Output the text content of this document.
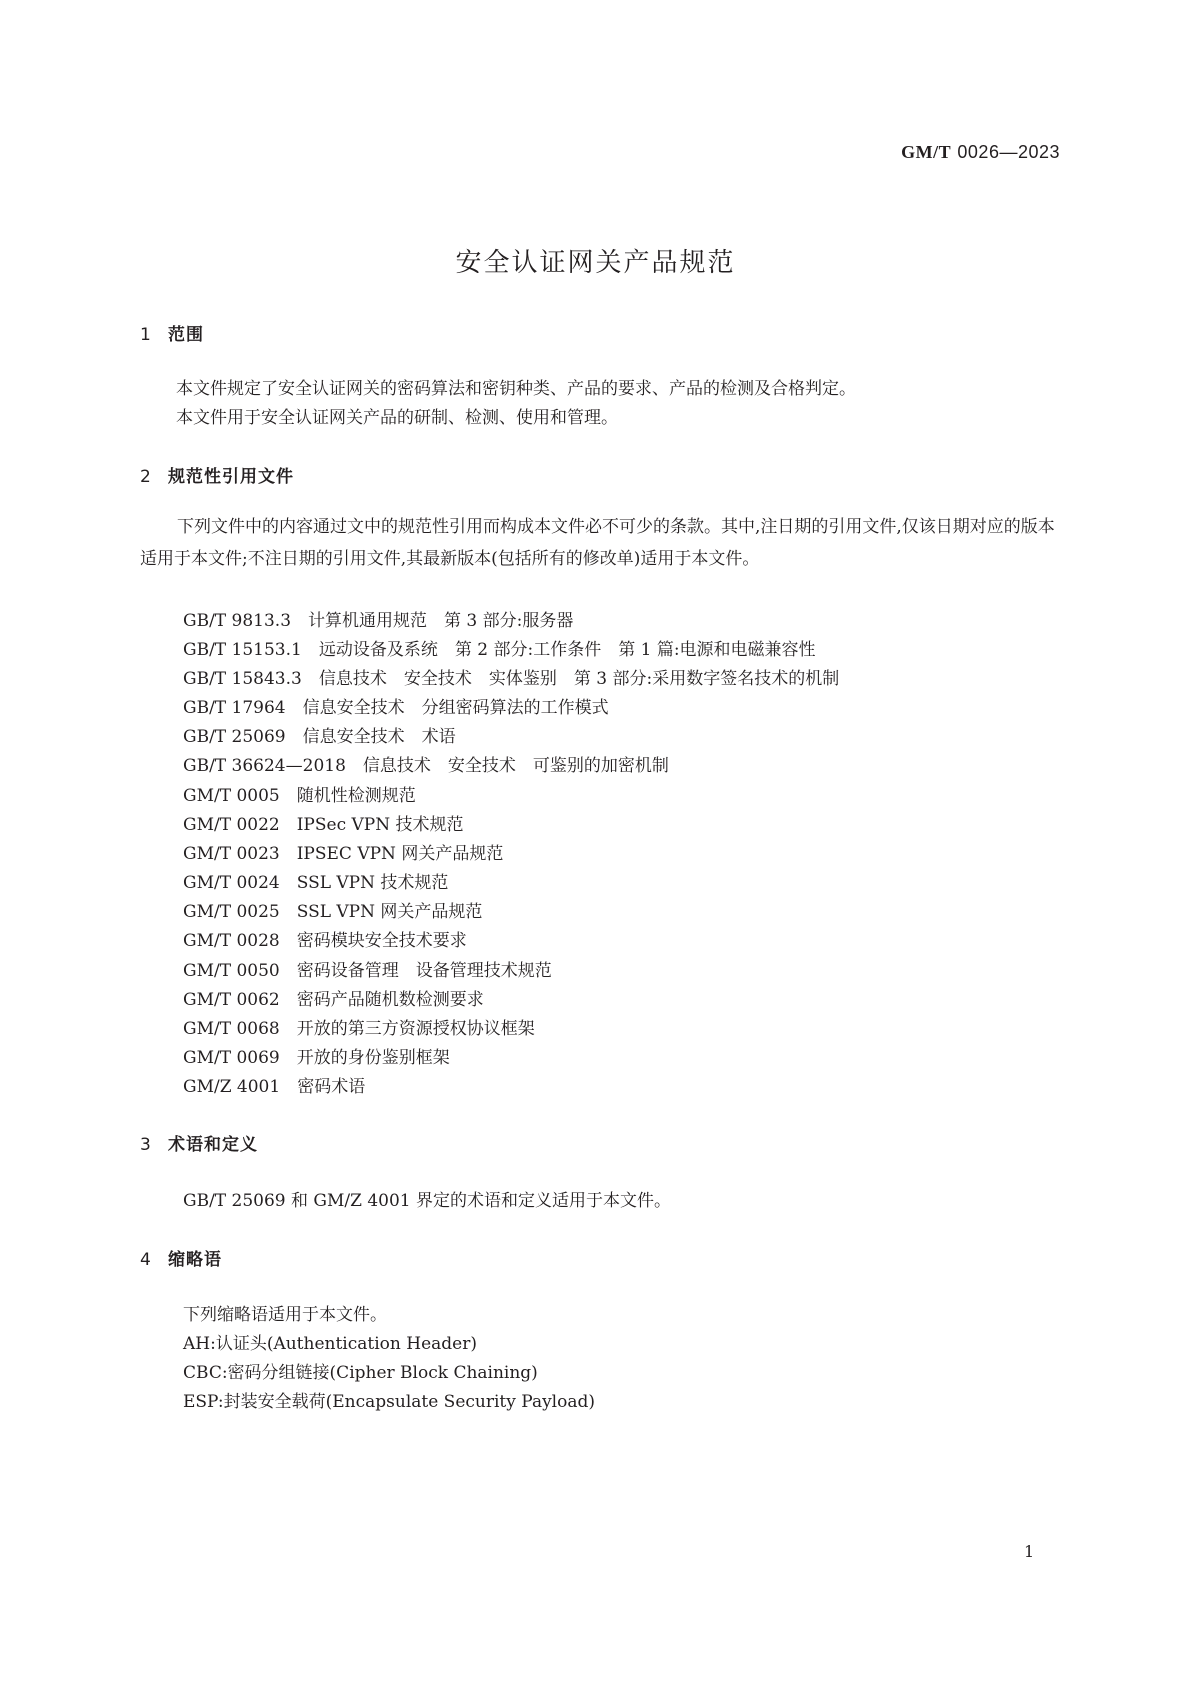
GM/T 0026—2023
安全认证网关产品规范
1 范围
本文件规定了安全认证网关的密码算法和密钥种类、产品的要求、产品的检测及合格判定。
本文件用于安全认证网关产品的研制、检测、使用和管理。
2 规范性引用文件
下列文件中的内容通过文中的规范性引用而构成本文件必不可少的条款。其中,注日期的引用文件,仅该日期对应的版本适用于本文件;不注日期的引用文件,其最新版本(包括所有的修改单)适用于本文件。
GB/T 9813.3　计算机通用规范　第 3 部分:服务器
GB/T 15153.1　远动设备及系统　第 2 部分:工作条件　第 1 篇:电源和电磁兼容性
GB/T 15843.3　信息技术　安全技术　实体鉴别　第 3 部分:采用数字签名技术的机制
GB/T 17964　信息安全技术　分组密码算法的工作模式
GB/T 25069　信息安全技术　术语
GB/T 36624—2018　信息技术　安全技术　可鉴别的加密机制
GM/T 0005　随机性检测规范
GM/T 0022　IPSec VPN 技术规范
GM/T 0023　IPSEC VPN 网关产品规范
GM/T 0024　SSL VPN 技术规范
GM/T 0025　SSL VPN 网关产品规范
GM/T 0028　密码模块安全技术要求
GM/T 0050　密码设备管理　设备管理技术规范
GM/T 0062　密码产品随机数检测要求
GM/T 0068　开放的第三方资源授权协议框架
GM/T 0069　开放的身份鉴别框架
GM/Z 4001　密码术语
3 术语和定义
GB/T 25069 和 GM/Z 4001 界定的术语和定义适用于本文件。
4 缩略语
下列缩略语适用于本文件。
AH:认证头(Authentication Header)
CBC:密码分组链接(Cipher Block Chaining)
ESP:封装安全载荷(Encapsulate Security Payload)
1
